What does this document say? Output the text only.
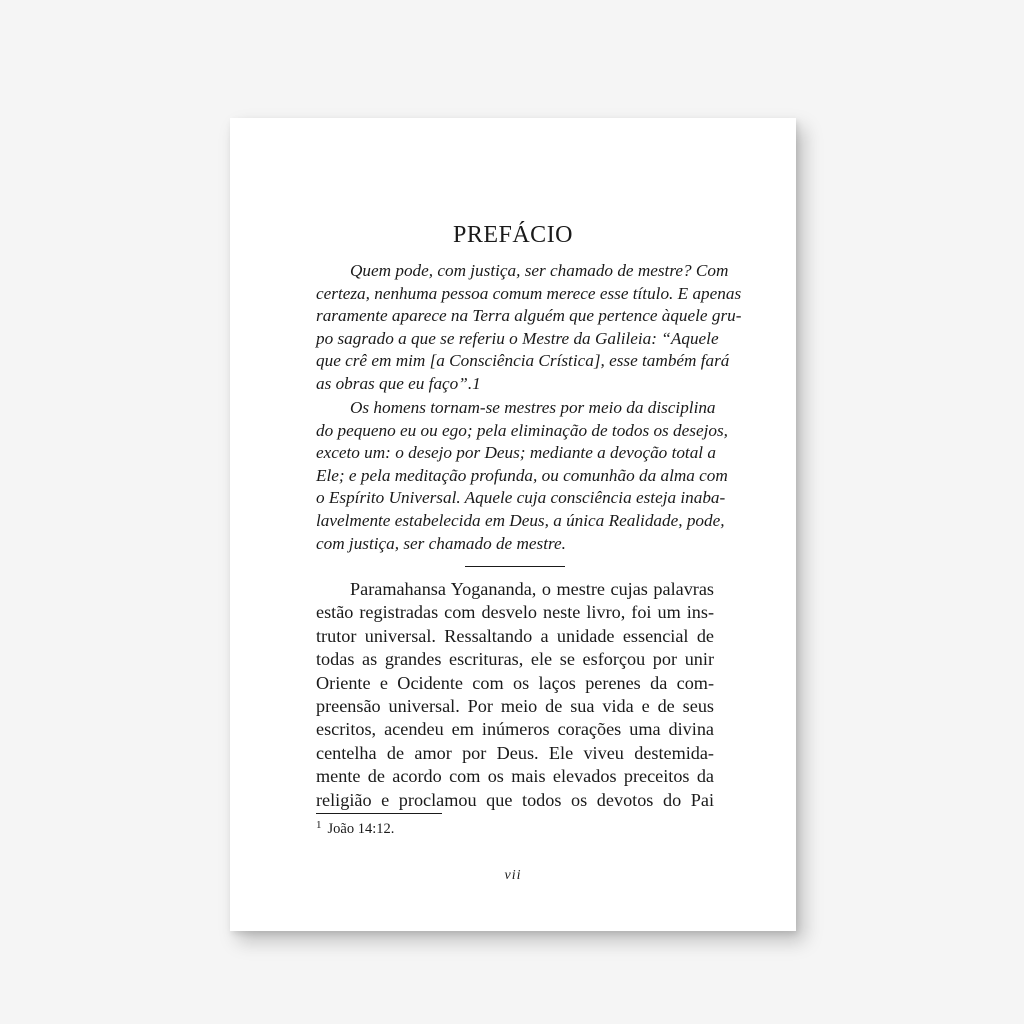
PREFÁCIO

Quem pode, com justiça, ser chamado de mestre? Com
certeza, nenhuma pessoa comum merece esse título. E apenas
raramente aparece na Terra alguém que pertence àquele gru-
po sagrado a que se referiu o Mestre da Galileia: “Aquele
que crê em mim [a Consciência Crística], esse também fará
as obras que eu faço”.1

Os homens tornam-se mestres por meio da disciplina
do pequeno eu ou ego; pela eliminação de todos os desejos,
exceto um: o desejo por Deus; mediante a devoção total a
Ele; e pela meditação profunda, ou comunhão da alma com
o Espírito Universal. Aquele cuja consciência esteja inaba-
lavelmente estabelecida em Deus, a única Realidade, pode,
com justiça, ser chamado de mestre.

Paramahansa Yogananda, o mestre cujas palavras
estão registradas com desvelo neste livro, foi um ins-
trutor universal. Ressaltando a unidade essencial de
todas as grandes escrituras, ele se esforçou por unir
Oriente e Ocidente com os laços perenes da com-
preensão universal. Por meio de sua vida e de seus
escritos, acendeu em inúmeros corações uma divina
centelha de amor por Deus. Ele viveu destemida-
mente de acordo com os mais elevados preceitos da
religião e proclamou que todos os devotos do Pai

$^1$ João 14:12.
vii
